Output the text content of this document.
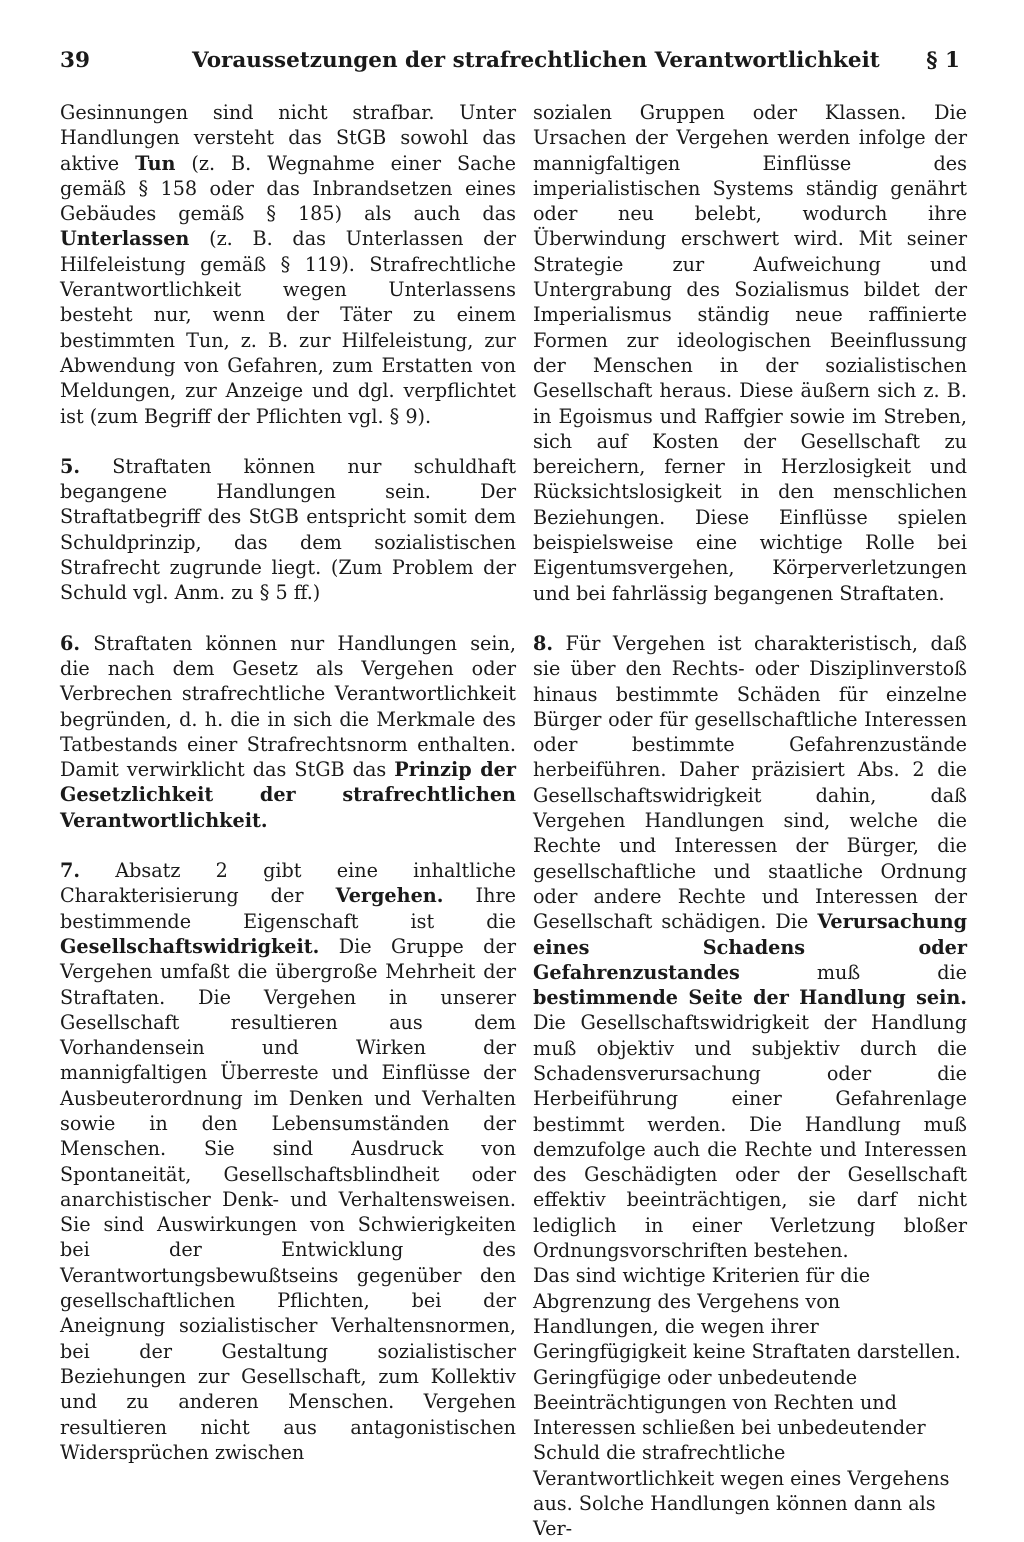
39	Voraussetzungen der strafrechtlichen Verantwortlichkeit § 1

Gesinnungen sind nicht strafbar. Unter Handlungen versteht das StGB sowohl das aktive Tun (z. B. Wegnahme einer Sache gemäß § 158 oder das Inbrandsetzen eines Gebäudes gemäß § 185) als auch das Unterlassen (z. B. das Unterlassen der Hilfeleistung gemäß § 119). Strafrechtliche Verantwortlichkeit wegen Unterlassens besteht nur, wenn der Täter zu einem bestimmten Tun, z. B. zur Hilfeleistung, zur Abwendung von Gefahren, zum Erstatten von Meldungen, zur Anzeige und dgl. verpflichtet ist (zum Begriff der Pflichten vgl. § 9).

5. Straftaten können nur schuldhaft begangene Handlungen sein. Der Straftatbegriff des StGB entspricht somit dem Schuldprinzip, das dem sozialistischen Strafrecht zugrunde liegt. (Zum Problem der Schuld vgl. Anm. zu § 5 ff.)

6. Straftaten können nur Handlungen sein, die nach dem Gesetz als Vergehen oder Verbrechen strafrechtliche Verantwortlichkeit begründen, d. h. die in sich die Merkmale des Tatbestands einer Strafrechtsnorm enthalten. Damit verwirklicht das StGB das Prinzip der Gesetzlichkeit der strafrechtlichen Verantwortlichkeit.

7. Absatz 2 gibt eine inhaltliche Charakterisierung der Vergehen. Ihre bestimmende Eigenschaft ist die Gesellschaftswidrigkeit. Die Gruppe der Vergehen umfaßt die übergroße Mehrheit der Straftaten. Die Vergehen in unserer Gesellschaft resultieren aus dem Vorhandensein und Wirken der mannigfaltigen Überreste und Einflüsse der Ausbeuterordnung im Denken und Verhalten sowie in den Lebensumständen der Menschen. Sie sind Ausdruck von Spontaneität, Gesellschaftsblindheit oder anarchistischer Denk- und Verhaltensweisen. Sie sind Auswirkungen von Schwierigkeiten bei der Entwicklung des Verantwortungsbewußtseins gegenüber den gesellschaftlichen Pflichten, bei der Aneignung sozialistischer Verhaltensnormen, bei der Gestaltung sozialistischer Beziehungen zur Gesellschaft, zum Kollektiv und zu anderen Menschen. Vergehen resultieren nicht aus antagonistischen Widersprüchen zwischen

sozialen Gruppen oder Klassen. Die Ursachen der Vergehen werden infolge der mannigfaltigen Einflüsse des imperialistischen Systems ständig genährt oder neu belebt, wodurch ihre Überwindung erschwert wird. Mit seiner Strategie zur Aufweichung und Untergrabung des Sozialismus bildet der Imperialismus ständig neue raffinierte Formen zur ideologischen Beeinflussung der Menschen in der sozialistischen Gesellschaft heraus. Diese äußern sich z. B. in Egoismus und Raffgier sowie im Streben, sich auf Kosten der Gesellschaft zu bereichern, ferner in Herzlosigkeit und Rücksichtslosigkeit in den menschlichen Beziehungen. Diese Einflüsse spielen beispielsweise eine wichtige Rolle bei Eigentumsvergehen, Körperverletzungen und bei fahrlässig begangenen Straftaten.

8. Für Vergehen ist charakteristisch, daß sie über den Rechts- oder Disziplinverstoß hinaus bestimmte Schäden für einzelne Bürger oder für gesellschaftliche Interessen oder bestimmte Gefahrenzustände herbeiführen. Daher präzisiert Abs. 2 die Gesellschaftswidrigkeit dahin, daß Vergehen Handlungen sind, welche die Rechte und Interessen der Bürger, die gesellschaftliche und staatliche Ordnung oder andere Rechte und Interessen der Gesellschaft schädigen. Die Verursachung eines Schadens oder Gefahrenzustandes muß die bestimmende Seite der Handlung sein. Die Gesellschaftswidrigkeit der Handlung muß objektiv und subjektiv durch die Schadensverursachung oder die Herbeiführung einer Gefahrenlage bestimmt werden. Die Handlung muß demzufolge auch die Rechte und Interessen des Geschädigten oder der Gesellschaft effektiv beeinträchtigen, sie darf nicht lediglich in einer Verletzung bloßer Ordnungsvorschriften bestehen.

Das sind wichtige Kriterien für die Abgrenzung des Vergehens von Handlungen, die wegen ihrer Geringfügigkeit keine Straftaten darstellen. Geringfügige oder unbedeutende Beeinträchtigungen von Rechten und Interessen schließen bei unbedeutender Schuld die strafrechtliche Verantwortlichkeit wegen eines Vergehens aus. Solche Handlungen können dann als Ver-
